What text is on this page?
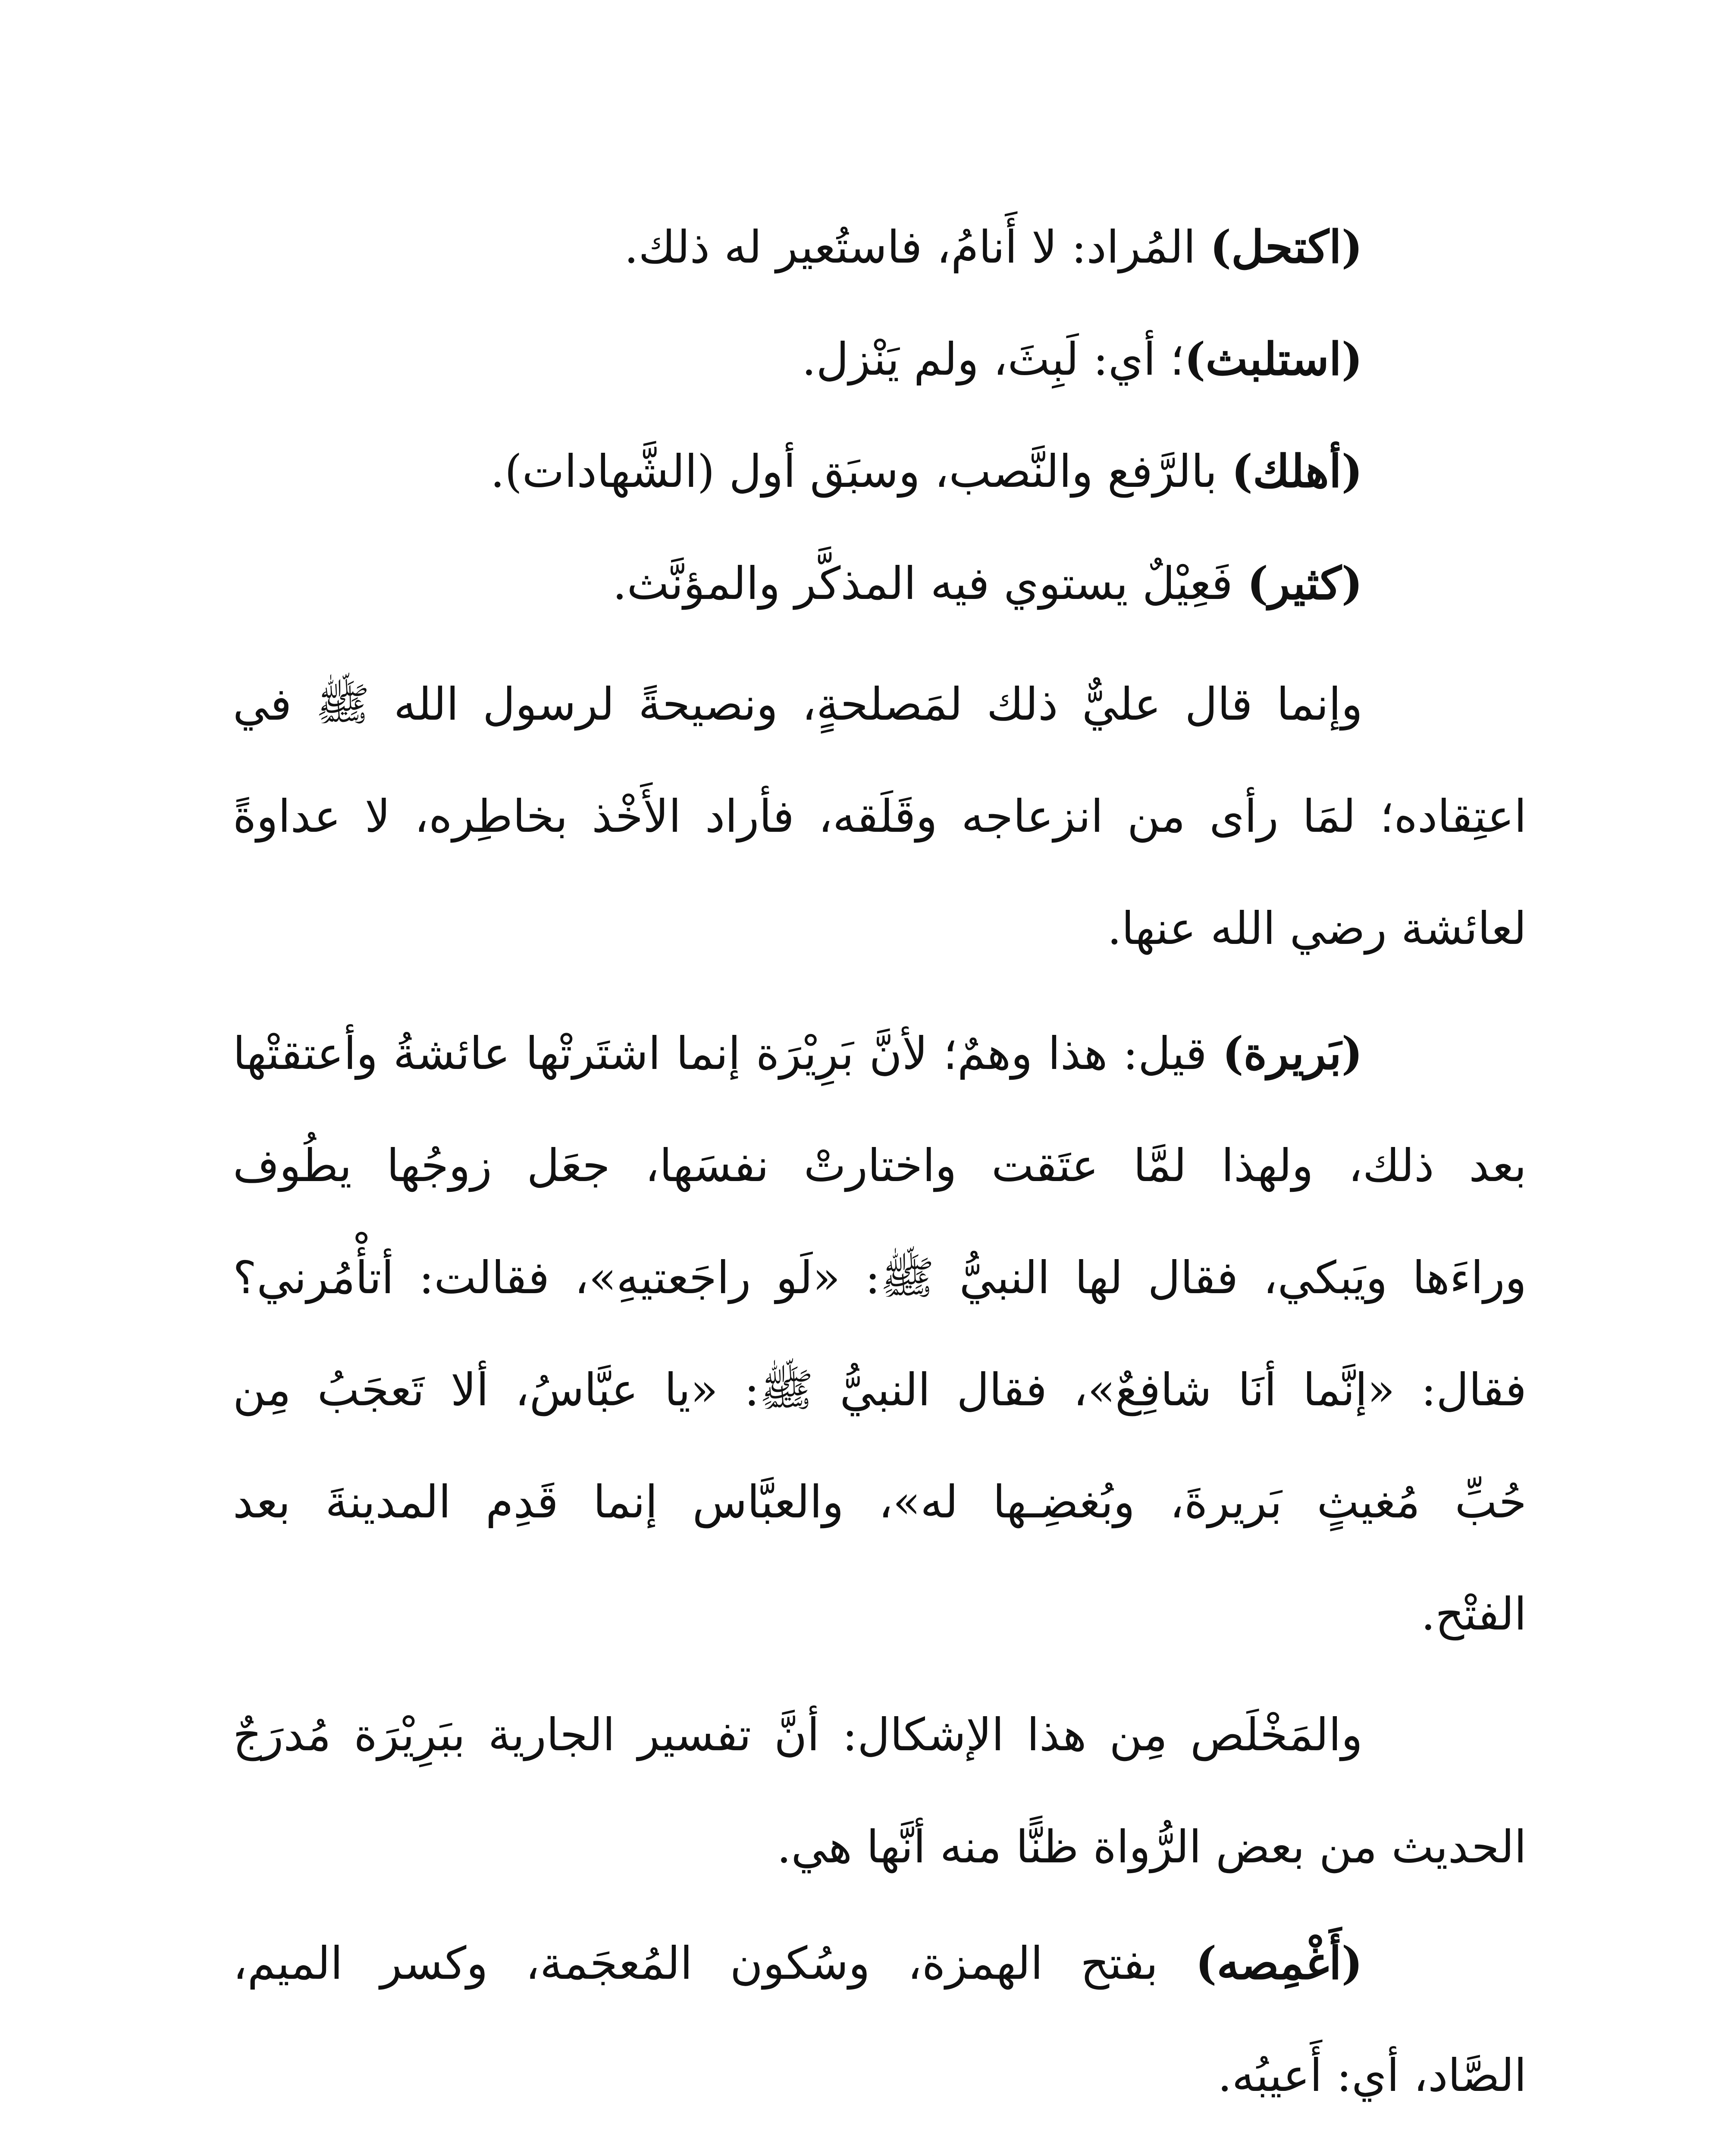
(اكتحل) المُراد: لا أَنامُ، فاستُعير له ذلك.
(استلبث)؛ أي: لَبِثَ، ولم يَنْزل.
(أهلك) بالرَّفع والنَّصب، وسبَق أول (الشَّهادات).
(كثير) فَعِيْلٌ يستوي فيه المذكَّر والمؤنَّث.
وإنما قال عليٌّ ذلك لمَصلحةٍ، ونصيحةً لرسول الله ﷺ في
اعتِقاده؛ لمَا رأى من انزعاجه وقَلَقه، فأراد الأَخْذ بخاطِره، لا عداوةً
لعائشة رضي الله عنها.
(بَريرة) قيل: هذا وهمٌ؛ لأنَّ بَرِيْرَة إنما اشتَرتْها عائشةُ وأعتقتْها
بعد ذلك، ولهذا لمَّا عتَقت واختارتْ نفسَها، جعَل زوجُها يطُوف
وراءَها ويَبكي، فقال لها النبيُّ ﷺ: «لَو راجَعتيهِ»، فقالت: أتأْمُرني؟
فقال: «إنَّما أنَا شافِعٌ»، فقال النبيُّ ﷺ: «يا عبَّاسُ، ألا تَعجَبُ مِن
حُبِّ مُغيثٍ بَريرةَ، وبُغضِـها له»، والعبَّاس إنما قَدِم المدينةَ بعد
الفتْح.
والمَخْلَص مِن هذا الإشكال: أنَّ تفسير الجارية ببَرِيْرَة مُدرَجٌ
الحديث من بعض الرُّواة ظنًّا منه أنَّها هي.
(أَغْمِصه) بفتح الهمزة، وسُكون المُعجَمة، وكسر الميم،
الصَّاد، أي: أَعيبُه.
